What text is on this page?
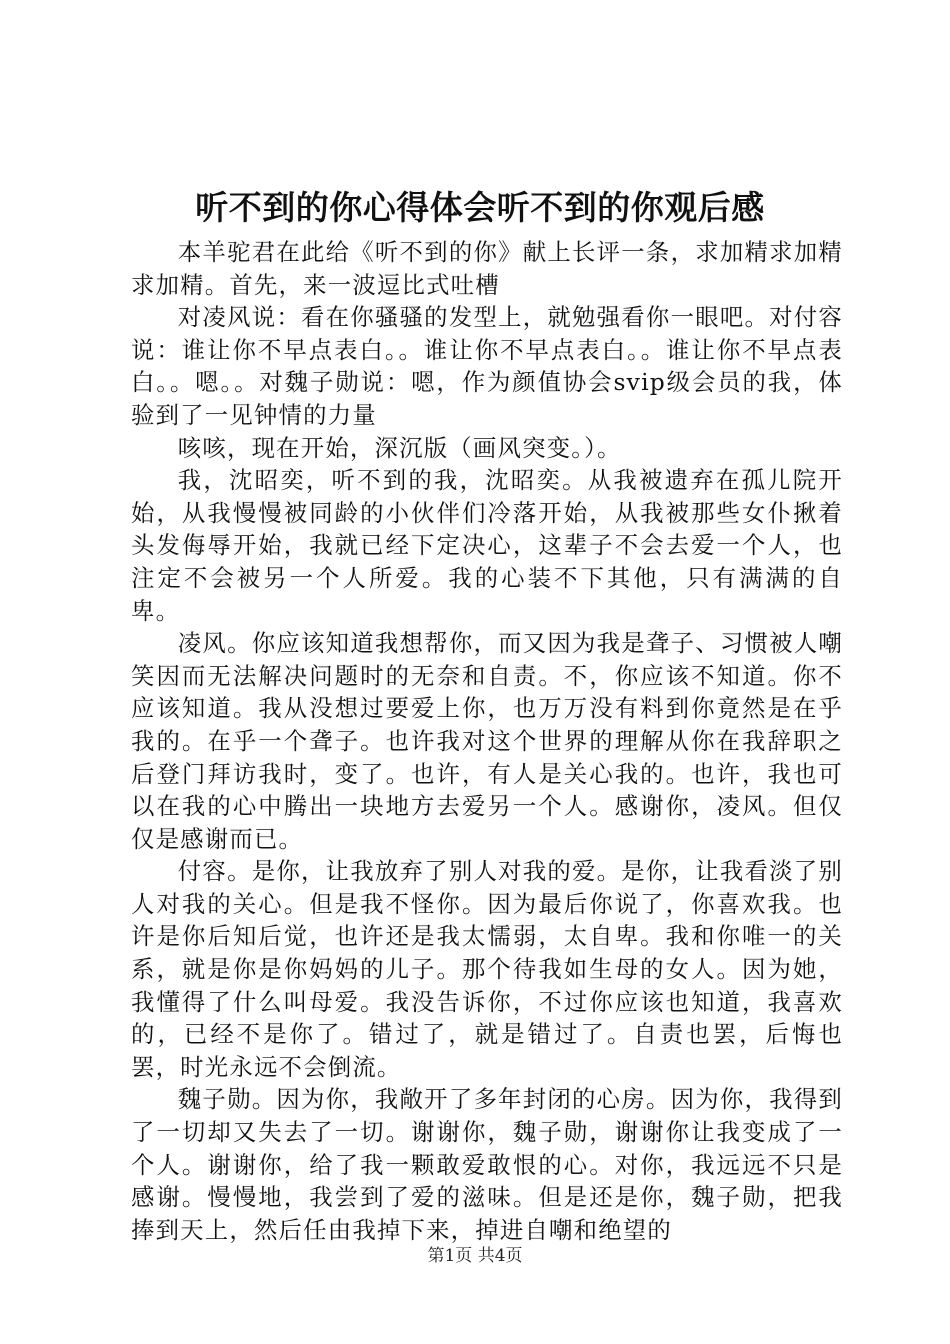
听不到的你心得体会听不到的你观后感

本羊驼君在此给《听不到的你》献上长评一条，求加精求加精求加精。首先，来一波逗比式吐槽

对凌风说：看在你骚骚的发型上，就勉强看你一眼吧。对付容说：谁让你不早点表白。。谁让你不早点表白。。谁让你不早点表白。。嗯。。对魏子勋说：嗯，作为颜值协会svip级会员的我，体验到了一见钟情的力量

咳咳，现在开始，深沉版（画风突变。）。

我，沈昭奕，听不到的我，沈昭奕。从我被遗弃在孤儿院开始，从我慢慢被同龄的小伙伴们冷落开始，从我被那些女仆揪着头发侮辱开始，我就已经下定决心，这辈子不会去爱一个人，也注定不会被另一个人所爱。我的心装不下其他，只有满满的自卑。

凌风。你应该知道我想帮你，而又因为我是聋子、习惯被人嘲笑因而无法解决问题时的无奈和自责。不，你应该不知道。你不应该知道。我从没想过要爱上你，也万万没有料到你竟然是在乎我的。在乎一个聋子。也许我对这个世界的理解从你在我辞职之后登门拜访我时，变了。也许，有人是关心我的。也许，我也可以在我的心中腾出一块地方去爱另一个人。感谢你，凌风。但仅仅是感谢而已。

付容。是你，让我放弃了别人对我的爱。是你，让我看淡了别人对我的关心。但是我不怪你。因为最后你说了，你喜欢我。也许是你后知后觉，也许还是我太懦弱，太自卑。我和你唯一的关系，就是你是你妈妈的儿子。那个待我如生母的女人。因为她，我懂得了什么叫母爱。我没告诉你，不过你应该也知道，我喜欢的，已经不是你了。错过了，就是错过了。自责也罢，后悔也罢，时光永远不会倒流。

魏子勋。因为你，我敞开了多年封闭的心房。因为你，我得到了一切却又失去了一切。谢谢你，魏子勋，谢谢你让我变成了一个人。谢谢你，给了我一颗敢爱敢恨的心。对你，我远远不只是感谢。慢慢地，我尝到了爱的滋味。但是还是你，魏子勋，把我捧到天上，然后任由我掉下来，掉进自嘲和绝望的

第1页 共4页
